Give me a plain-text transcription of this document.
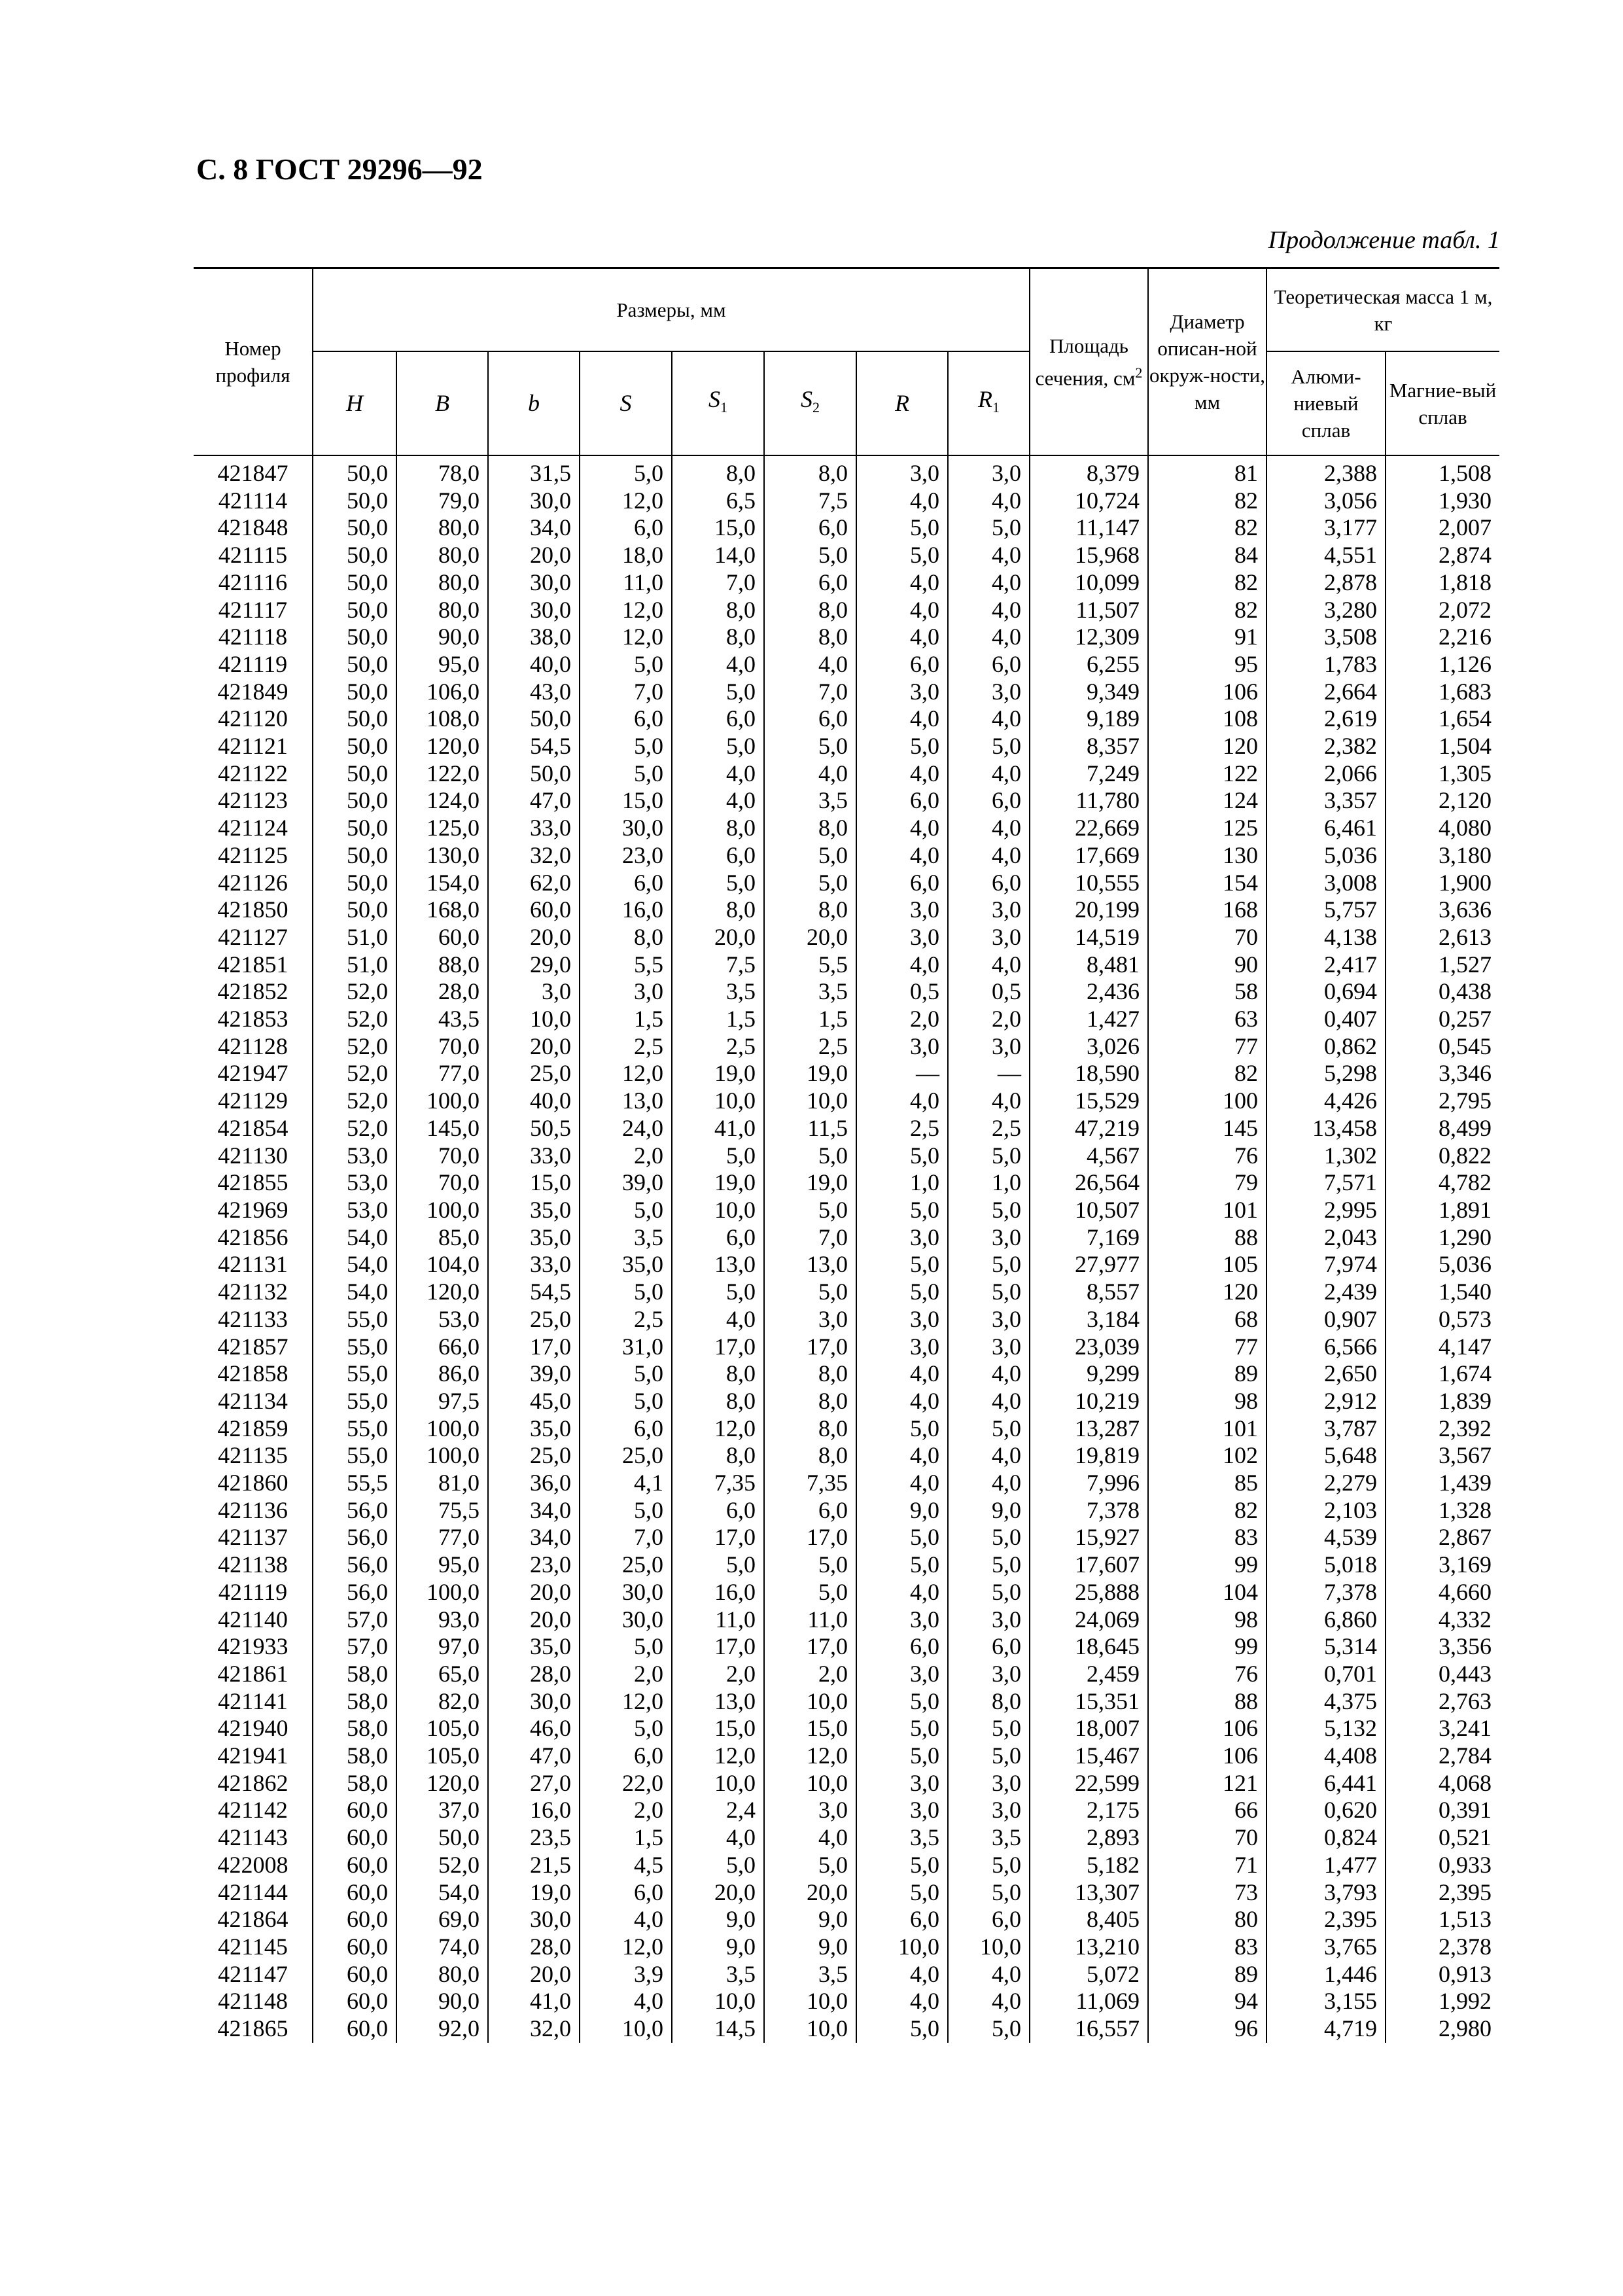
С. 8 ГОСТ 29296—92
Продолжение табл. 1
Номер профиля	Размеры, мм								Площадь сечения, $см^2$	Диаметр описан-ной окруж-ности, мм	Теоретическая масса 1 м, кг	
	H	B	b	S	$S_1$	$S_2$	R	$R_1$			Алюми-ниевый сплав	Магние-вый сплав
421847	50,0	78,0	31,5	5,0	8,0	8,0	3,0	3,0	8,379	81	2,388	1,508
421114	50,0	79,0	30,0	12,0	6,5	7,5	4,0	4,0	10,724	82	3,056	1,930
421848	50,0	80,0	34,0	6,0	15,0	6,0	5,0	5,0	11,147	82	3,177	2,007
421115	50,0	80,0	20,0	18,0	14,0	5,0	5,0	4,0	15,968	84	4,551	2,874
421116	50,0	80,0	30,0	11,0	7,0	6,0	4,0	4,0	10,099	82	2,878	1,818
421117	50,0	80,0	30,0	12,0	8,0	8,0	4,0	4,0	11,507	82	3,280	2,072
421118	50,0	90,0	38,0	12,0	8,0	8,0	4,0	4,0	12,309	91	3,508	2,216
421119	50,0	95,0	40,0	5,0	4,0	4,0	6,0	6,0	6,255	95	1,783	1,126
421849	50,0	106,0	43,0	7,0	5,0	7,0	3,0	3,0	9,349	106	2,664	1,683
421120	50,0	108,0	50,0	6,0	6,0	6,0	4,0	4,0	9,189	108	2,619	1,654
421121	50,0	120,0	54,5	5,0	5,0	5,0	5,0	5,0	8,357	120	2,382	1,504
421122	50,0	122,0	50,0	5,0	4,0	4,0	4,0	4,0	7,249	122	2,066	1,305
421123	50,0	124,0	47,0	15,0	4,0	3,5	6,0	6,0	11,780	124	3,357	2,120
421124	50,0	125,0	33,0	30,0	8,0	8,0	4,0	4,0	22,669	125	6,461	4,080
421125	50,0	130,0	32,0	23,0	6,0	5,0	4,0	4,0	17,669	130	5,036	3,180
421126	50,0	154,0	62,0	6,0	5,0	5,0	6,0	6,0	10,555	154	3,008	1,900
421850	50,0	168,0	60,0	16,0	8,0	8,0	3,0	3,0	20,199	168	5,757	3,636
421127	51,0	60,0	20,0	8,0	20,0	20,0	3,0	3,0	14,519	70	4,138	2,613
421851	51,0	88,0	29,0	5,5	7,5	5,5	4,0	4,0	8,481	90	2,417	1,527
421852	52,0	28,0	3,0	3,0	3,5	3,5	0,5	0,5	2,436	58	0,694	0,438
421853	52,0	43,5	10,0	1,5	1,5	1,5	2,0	2,0	1,427	63	0,407	0,257
421128	52,0	70,0	20,0	2,5	2,5	2,5	3,0	3,0	3,026	77	0,862	0,545
421947	52,0	77,0	25,0	12,0	19,0	19,0	—	—	18,590	82	5,298	3,346
421129	52,0	100,0	40,0	13,0	10,0	10,0	4,0	4,0	15,529	100	4,426	2,795
421854	52,0	145,0	50,5	24,0	41,0	11,5	2,5	2,5	47,219	145	13,458	8,499
421130	53,0	70,0	33,0	2,0	5,0	5,0	5,0	5,0	4,567	76	1,302	0,822
421855	53,0	70,0	15,0	39,0	19,0	19,0	1,0	1,0	26,564	79	7,571	4,782
421969	53,0	100,0	35,0	5,0	10,0	5,0	5,0	5,0	10,507	101	2,995	1,891
421856	54,0	85,0	35,0	3,5	6,0	7,0	3,0	3,0	7,169	88	2,043	1,290
421131	54,0	104,0	33,0	35,0	13,0	13,0	5,0	5,0	27,977	105	7,974	5,036
421132	54,0	120,0	54,5	5,0	5,0	5,0	5,0	5,0	8,557	120	2,439	1,540
421133	55,0	53,0	25,0	2,5	4,0	3,0	3,0	3,0	3,184	68	0,907	0,573
421857	55,0	66,0	17,0	31,0	17,0	17,0	3,0	3,0	23,039	77	6,566	4,147
421858	55,0	86,0	39,0	5,0	8,0	8,0	4,0	4,0	9,299	89	2,650	1,674
421134	55,0	97,5	45,0	5,0	8,0	8,0	4,0	4,0	10,219	98	2,912	1,839
421859	55,0	100,0	35,0	6,0	12,0	8,0	5,0	5,0	13,287	101	3,787	2,392
421135	55,0	100,0	25,0	25,0	8,0	8,0	4,0	4,0	19,819	102	5,648	3,567
421860	55,5	81,0	36,0	4,1	7,35	7,35	4,0	4,0	7,996	85	2,279	1,439
421136	56,0	75,5	34,0	5,0	6,0	6,0	9,0	9,0	7,378	82	2,103	1,328
421137	56,0	77,0	34,0	7,0	17,0	17,0	5,0	5,0	15,927	83	4,539	2,867
421138	56,0	95,0	23,0	25,0	5,0	5,0	5,0	5,0	17,607	99	5,018	3,169
421119	56,0	100,0	20,0	30,0	16,0	5,0	4,0	5,0	25,888	104	7,378	4,660
421140	57,0	93,0	20,0	30,0	11,0	11,0	3,0	3,0	24,069	98	6,860	4,332
421933	57,0	97,0	35,0	5,0	17,0	17,0	6,0	6,0	18,645	99	5,314	3,356
421861	58,0	65,0	28,0	2,0	2,0	2,0	3,0	3,0	2,459	76	0,701	0,443
421141	58,0	82,0	30,0	12,0	13,0	10,0	5,0	8,0	15,351	88	4,375	2,763
421940	58,0	105,0	46,0	5,0	15,0	15,0	5,0	5,0	18,007	106	5,132	3,241
421941	58,0	105,0	47,0	6,0	12,0	12,0	5,0	5,0	15,467	106	4,408	2,784
421862	58,0	120,0	27,0	22,0	10,0	10,0	3,0	3,0	22,599	121	6,441	4,068
421142	60,0	37,0	16,0	2,0	2,4	3,0	3,0	3,0	2,175	66	0,620	0,391
421143	60,0	50,0	23,5	1,5	4,0	4,0	3,5	3,5	2,893	70	0,824	0,521
422008	60,0	52,0	21,5	4,5	5,0	5,0	5,0	5,0	5,182	71	1,477	0,933
421144	60,0	54,0	19,0	6,0	20,0	20,0	5,0	5,0	13,307	73	3,793	2,395
421864	60,0	69,0	30,0	4,0	9,0	9,0	6,0	6,0	8,405	80	2,395	1,513
421145	60,0	74,0	28,0	12,0	9,0	9,0	10,0	10,0	13,210	83	3,765	2,378
421147	60,0	80,0	20,0	3,9	3,5	3,5	4,0	4,0	5,072	89	1,446	0,913
421148	60,0	90,0	41,0	4,0	10,0	10,0	4,0	4,0	11,069	94	3,155	1,992
421865	60,0	92,0	32,0	10,0	14,5	10,0	5,0	5,0	16,557	96	4,719	2,980
